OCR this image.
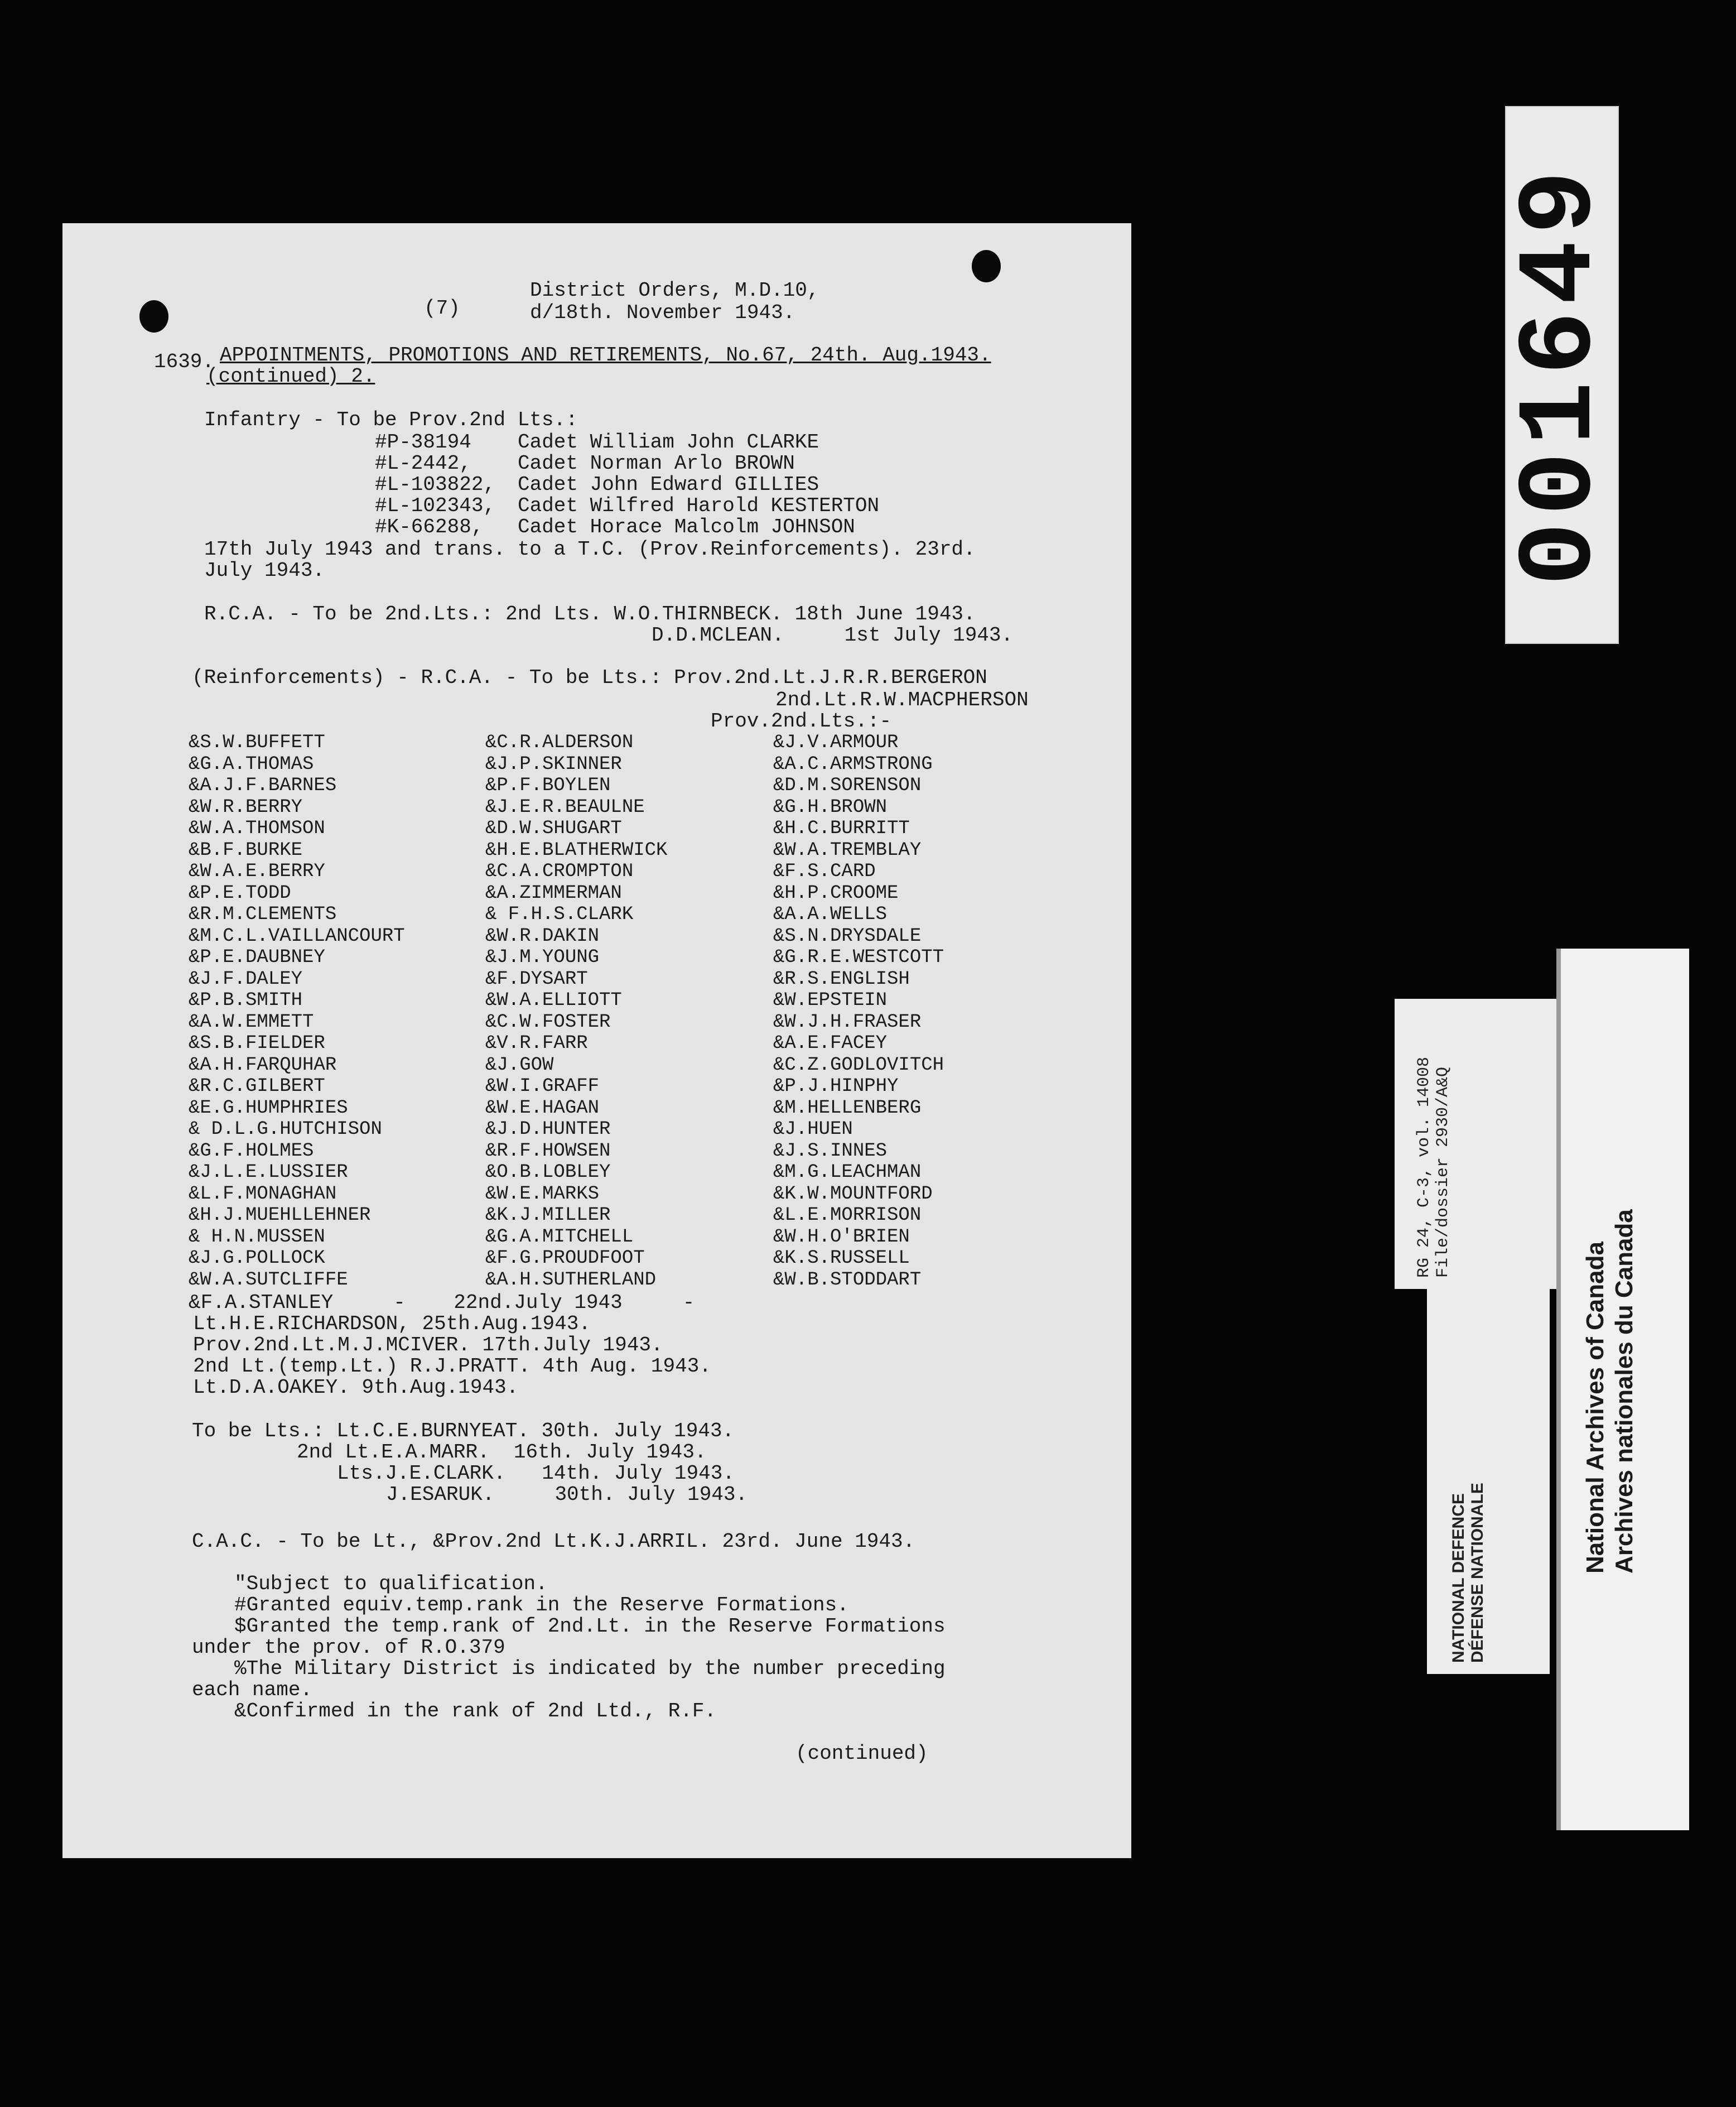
(7)
District Orders, M.D.10,
d/18th. November 1943.
1639. APPOINTMENTS, PROMOTIONS AND RETIREMENTS, No.67, 24th. Aug.1943.
(continued) 2.
Infantry - To be Prov.2nd Lts.:
#P-38194 Cadet William John CLARKE
#L-2442, Cadet Norman Arlo BROWN
#L-103822, Cadet John Edward GILLIES
#L-102343, Cadet Wilfred Harold KESTERTON
#K-66288, Cadet Horace Malcolm JOHNSON
17th July 1943 and trans. to a T.C. (Prov.Reinforcements). 23rd.
July 1943.
R.C.A. - To be 2nd.Lts.: 2nd Lts. W.O.THIRNBECK. 18th June 1943.
D.D.MCLEAN.     1st July 1943.
(Reinforcements) - R.C.A. - To be Lts.: Prov.2nd.Lt.J.R.R.BERGERON
2nd.Lt.R.W.MACPHERSON
Prov.2nd.Lts.:-
&S.W.BUFFETT
&G.A.THOMAS
&A.J.F.BARNES
&W.R.BERRY
&W.A.THOMSON
&B.F.BURKE
&W.A.E.BERRY
&P.E.TODD
&R.M.CLEMENTS
&M.C.L.VAILLANCOURT
&P.E.DAUBNEY
&J.F.DALEY
&P.B.SMITH
&A.W.EMMETT
&S.B.FIELDER
&A.H.FARQUHAR
&R.C.GILBERT
&E.G.HUMPHRIES
& D.L.G.HUTCHISON
&G.F.HOLMES
&J.L.E.LUSSIER
&L.F.MONAGHAN
&H.J.MUEHLLEHNER
& H.N.MUSSEN
&J.G.POLLOCK
&W.A.SUTCLIFFE
&C.R.ALDERSON
&J.P.SKINNER
&P.F.BOYLEN
&J.E.R.BEAULNE
&D.W.SHUGART
&H.E.BLATHERWICK
&C.A.CROMPTON
&A.ZIMMERMAN
& F.H.S.CLARK
&W.R.DAKIN
&J.M.YOUNG
&F.DYSART
&W.A.ELLIOTT
&C.W.FOSTER
&V.R.FARR
&J.GOW
&W.I.GRAFF
&W.E.HAGAN
&J.D.HUNTER
&R.F.HOWSEN
&O.B.LOBLEY
&W.E.MARKS
&K.J.MILLER
&G.A.MITCHELL
&F.G.PROUDFOOT
&A.H.SUTHERLAND
&J.V.ARMOUR
&A.C.ARMSTRONG
&D.M.SORENSON
&G.H.BROWN
&H.C.BURRITT
&W.A.TREMBLAY
&F.S.CARD
&H.P.CROOME
&A.A.WELLS
&S.N.DRYSDALE
&G.R.E.WESTCOTT
&R.S.ENGLISH
&W.EPSTEIN
&W.J.H.FRASER
&A.E.FACEY
&C.Z.GODLOVITCH
&P.J.HINPHY
&M.HELLENBERG
&J.HUEN
&J.S.INNES
&M.G.LEACHMAN
&K.W.MOUNTFORD
&L.E.MORRISON
&W.H.O'BRIEN
&K.S.RUSSELL
&W.B.STODDART
&F.A.STANLEY     -    22nd.July 1943     -
Lt.H.E.RICHARDSON, 25th.Aug.1943.
Prov.2nd.Lt.M.J.MCIVER. 17th.July 1943.
2nd Lt.(temp.Lt.) R.J.PRATT. 4th Aug. 1943.
Lt.D.A.OAKEY. 9th.Aug.1943.
To be Lts.: Lt.C.E.BURNYEAT. 30th. July 1943.
2nd Lt.E.A.MARR.  16th. July 1943.
Lts.J.E.CLARK.   14th. July 1943.
J.ESARUK.     30th. July 1943.
C.A.C. - To be Lt., &Prov.2nd Lt.K.J.ARRIL. 23rd. June 1943.
"Subject to qualification.
#Granted equiv.temp.rank in the Reserve Formations.
$Granted the temp.rank of 2nd.Lt. in the Reserve Formations
under the prov. of R.O.379
%The Military District is indicated by the number preceding
each name.
&Confirmed in the rank of 2nd Ltd., R.F.
(continued)
001649
RG 24, C-3, vol. 14008
File/dossier 2930/A&Q
NATIONAL DEFENCE
DÉFENSE NATIONALE	National Archives of Canada
Archives nationales du Canada
